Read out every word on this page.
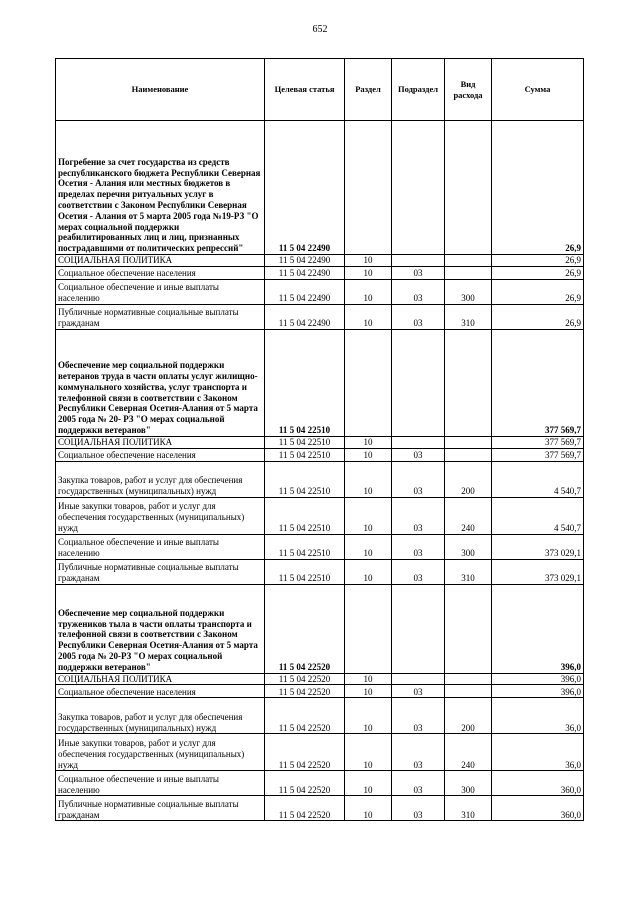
652
Наименование	Целевая статья	Раздел	Подраздел	Вид расхода	Сумма
Погребение за счет государства из средств республиканского бюджета Республики Северная Осетия - Алания или местных бюджетов в пределах перечня ритуальных услуг в соответствии с Законом Республики Северная Осетия - Алания от 5 марта 2005 года №19-РЗ "О мерах социальной поддержки реабилитированных лиц и лиц, признанных пострадавшими от политических репрессий"	11 5 04 22490				26,9
СОЦИАЛЬНАЯ ПОЛИТИКА	11 5 04 22490	10			26,9
Социальное обеспечение населения	11 5 04 22490	10	03		26,9
Социальное обеспечение и иные выплаты населению	11 5 04 22490	10	03	300	26,9
Публичные нормативные социальные выплаты гражданам	11 5 04 22490	10	03	310	26,9
Обеспечение мер социальной поддержки ветеранов труда в части оплаты услуг жилищно-коммунального хозяйства, услуг транспорта и телефонной связи в соответствии с Законом Республики Северная Осетия-Алания от 5 марта 2005 года № 20- РЗ "О мерах социальной поддержки ветеранов"	11 5 04 22510				377 569,7
СОЦИАЛЬНАЯ ПОЛИТИКА	11 5 04 22510	10			377 569,7
Социальное обеспечение населения	11 5 04 22510	10	03		377 569,7
Закупка товаров, работ и услуг для обеспечения государственных (муниципальных) нужд	11 5 04 22510	10	03	200	4 540,7
Иные закупки товаров, работ и услуг для обеспечения государственных (муниципальных) нужд	11 5 04 22510	10	03	240	4 540,7
Социальное обеспечение и иные выплаты населению	11 5 04 22510	10	03	300	373 029,1
Публичные нормативные социальные выплаты гражданам	11 5 04 22510	10	03	310	373 029,1
Обеспечение мер социальной поддержки тружеников тыла в части оплаты транспорта и телефонной связи в соответствии с Законом Республики Северная Осетия-Алания от 5 марта 2005 года № 20-РЗ "О мерах социальной поддержки ветеранов"	11 5 04 22520				396,0
СОЦИАЛЬНАЯ ПОЛИТИКА	11 5 04 22520	10			396,0
Социальное обеспечение населения	11 5 04 22520	10	03		396,0
Закупка товаров, работ и услуг для обеспечения государственных (муниципальных) нужд	11 5 04 22520	10	03	200	36,0
Иные закупки товаров, работ и услуг для обеспечения государственных (муниципальных) нужд	11 5 04 22520	10	03	240	36,0
Социальное обеспечение и иные выплаты населению	11 5 04 22520	10	03	300	360,0
Публичные нормативные социальные выплаты гражданам	11 5 04 22520	10	03	310	360,0
